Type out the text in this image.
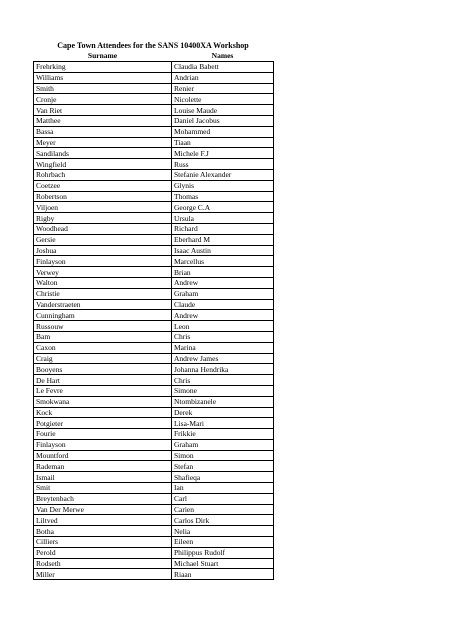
Cape Town Attendees for the SANS 10400XA Workshop
Surname	Names
Frehrking	Claudia Babett
Williams	Andrian
Smith	Renier
Cronje	Nicolette
Van Riet	Louise Maude
Matthee	Daniel Jacobus
Bassa	Mohammed
Meyer	Tiaan
Sandilands	Michele F.J
Wingfield	Russ
Rohrbach	Stefanie Alexander
Coetzee	Glynis
Robertson	Thomas
Viljoen	George C.A
Rigby	Ursula
Woodhead	Richard
Gersie	Eberhard M
Joshua	Isaac Austin
Finlayson	Marcellus
Verwey	Brian
Walton	Andrew
Christie	Graham
Vanderstraeten	Claude
Cunningham	Andrew
Russouw	Leon
Bam	Chris
Caxon	Marina
Craig	Andrew James
Booyens	Johanna Hendrika
De Hart	Chris
Le Fevre	Simone
Smokwana	Ntombizanele
Kock	Derek
Potgieter	Lisa-Mari
Fourie	Frikkie
Finlayson	Graham
Mountford	Simon
Rademan	Stefan
Ismail	Shafieqa
Smit	Ian
Breytenbach	Carl
Van Der Merwe	Carien
Liltved	Carlos Dirk
Botha	Nelia
Cilliers	Eileen
Perold	Philippus Rudolf
Rodseth	Michael Stuart
Miller	Riaan
